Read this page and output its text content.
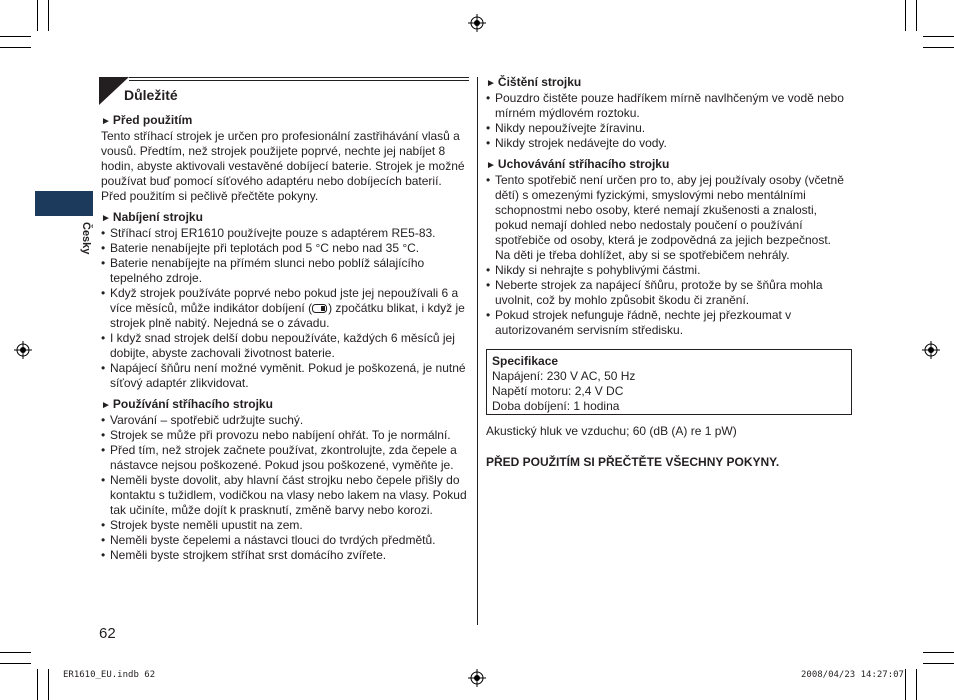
Důležité
Česky
► Před použitím

Tento stříhací strojek je určen pro profesionální zastřihávání vlasů a vousů. Předtím, než strojek použijete poprvé, nechte jej nabíjet 8 hodin, abyste aktivovali vestavěné dobíjecí baterie. Strojek je možné používat buď pomocí síťového adaptéru nebo dobíjecích baterií. Před použitím si pečlivě přečtěte pokyny.

► Nabíjení strojku

• Stříhací stroj ER1610 používejte pouze s adaptérem RE5-83.

• Baterie nenabíjejte při teplotách pod 5 °C nebo nad 35 °C.

• Baterie nenabíjejte na přímém slunci nebo poblíž sálajícího tepelného zdroje.

• Když strojek používáte poprvé nebo pokud jste jej nepoužívali 6 a více měsíců, může indikátor dobíjení ( ) zpočátku blikat, i když je strojek plně nabitý. Nejedná se o závadu.

• I když snad strojek delší dobu nepoužíváte, každých 6 měsíců jej dobijte, abyste zachovali životnost baterie.

• Napájecí šňůru není možné vyměnit. Pokud je poškozená, je nutné síťový adaptér zlikvidovat.

► Používání stříhacího strojku

• Varování – spotřebič udržujte suchý.

• Strojek se může při provozu nebo nabíjení ohřát. To je normální.

• Před tím, než strojek začnete používat, zkontrolujte, zda čepele a nástavce nejsou poškozené. Pokud jsou poškozené, vyměňte je.

• Neměli byste dovolit, aby hlavní část strojku nebo čepele přišly do kontaktu s tužidlem, vodičkou na vlasy nebo lakem na vlasy. Pokud tak učiníte, může dojít k prasknutí, změně barvy nebo korozi.

• Strojek byste neměli upustit na zem.

• Neměli byste čepelemi a nástavci tlouci do tvrdých předmětů.

• Neměli byste strojkem stříhat srst domácího zvířete.

► Čištění strojku

• Pouzdro čistěte pouze hadříkem mírně navlhčeným ve vodě nebo mírném mýdlovém roztoku.

• Nikdy nepoužívejte žíravinu.

• Nikdy strojek nedávejte do vody.

► Uchovávání stříhacího strojku

• Tento spotřebič není určen pro to, aby jej používaly osoby (včetně dětí) s omezenými fyzickými, smyslovými nebo mentálními schopnostmi nebo osoby, které nemají zkušenosti a znalosti, pokud nemají dohled nebo nedostaly poučení o používání spotřebiče od osoby, která je zodpovědná za jejich bezpečnost. Na děti je třeba dohlížet, aby si se spotřebičem nehrály.

• Nikdy si nehrajte s pohyblivými částmi.

• Neberte strojek za napájecí šňůru, protože by se šňůra mohla uvolnit, což by mohlo způsobit škodu či zranění.

• Pokud strojek nefunguje řádně, nechte jej přezkoumat v autorizovaném servisním středisku.

Specifikace
Napájení: 230 V AC, 50 Hz
Napětí motoru: 2,4 V DC
Doba dobíjení: 1 hodina
Akustický hluk ve vzduchu; 60 (dB (A) re 1 pW)
PŘED POUŽITÍM SI PŘEČTĚTE VŠECHNY POKYNY.
62
ER1610_EU.indb 62	2008/04/23 14:27:07
